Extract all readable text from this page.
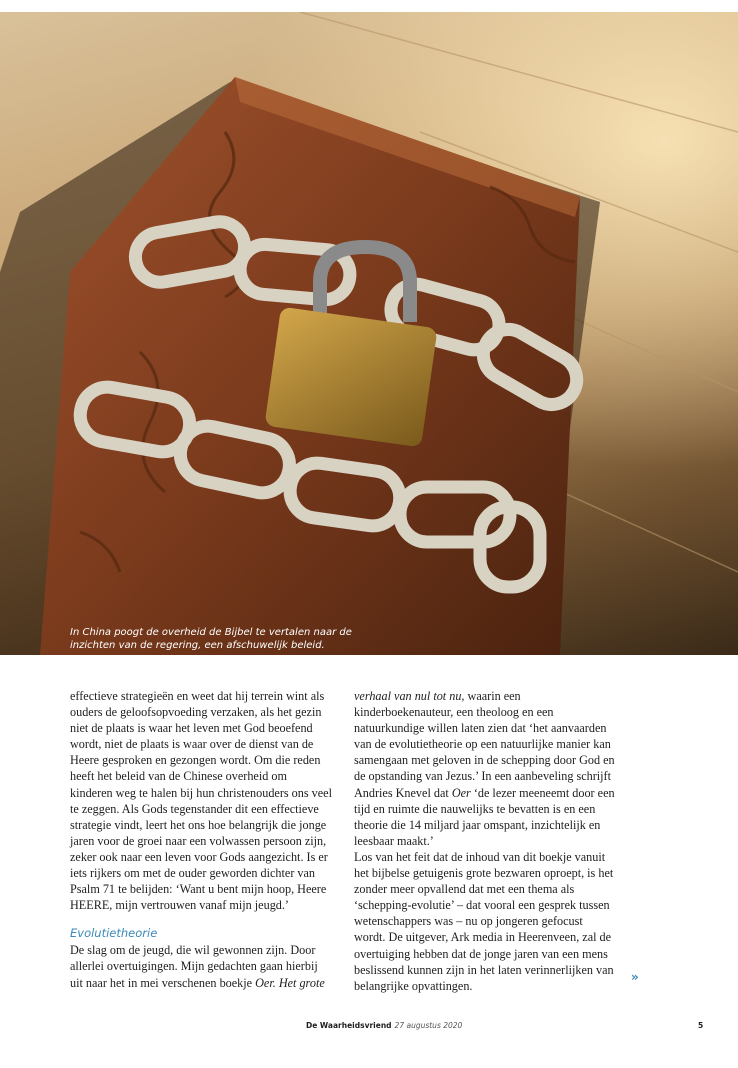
In China poogt de overheid de Bijbel te vertalen naar de inzichten van de regering, een afschuwelijk beleid.

effectieve strategieën en weet dat hij terrein wint als ouders de geloofsopvoeding verzaken, als het gezin niet de plaats is waar het leven met God beoefend wordt, niet de plaats is waar over de dienst van de Heere gesproken en gezongen wordt. Om die reden heeft het beleid van de Chinese overheid om kinderen weg te halen bij hun christenouders ons veel te zeggen. Als Gods tegenstander dit een effectieve strategie vindt, leert het ons hoe belangrijk die jonge jaren voor de groei naar een volwassen persoon zijn, zeker ook naar een leven voor Gods aangezicht. Is er iets rijkers om met de ouder geworden dichter van Psalm 71 te belijden: ‘Want u bent mijn hoop, Heere HEERE, mijn vertrouwen vanaf mijn jeugd.’

Evolutietheorie

De slag om de jeugd, die wil gewonnen zijn. Door allerlei overtuigingen. Mijn gedachten gaan hierbij uit naar het in mei verschenen boekje Oer. Het grote

verhaal van nul tot nu, waarin een kinderboekenauteur, een theoloog en een natuurkundige willen laten zien dat ‘het aanvaarden van de evolutietheorie op een natuurlijke manier kan samengaan met geloven in de schepping door God en de opstanding van Jezus.’ In een aanbeveling schrijft Andries Knevel dat Oer ‘de lezer meeneemt door een tijd en ruimte die nauwelijks te bevatten is en een theorie die 14 miljard jaar omspant, inzichtelijk en leesbaar maakt.’

Los van het feit dat de inhoud van dit boekje vanuit het bijbelse getuigenis grote bezwaren oproept, is het zonder meer opvallend dat met een thema als ‘schepping-evolutie’ – dat vooral een gesprek tussen wetenschappers was – nu op jongeren gefocust wordt. De uitgever, Ark media in Heerenveen, zal de overtuiging hebben dat de jonge jaren van een mens beslissend kunnen zijn in het laten verinnerlijken van belangrijke opvattingen.

»
De Waarheidsvriend 27 augustus 2020	5
